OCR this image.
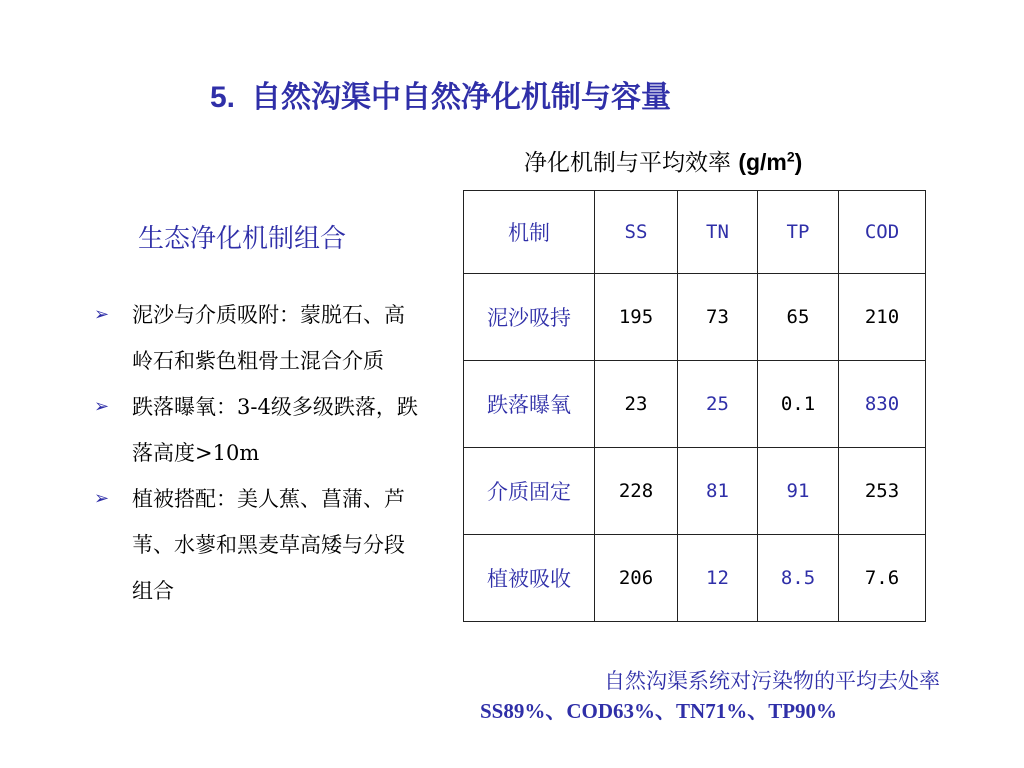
5. 自然沟渠中自然净化机制与容量
净化机制与平均效率 $(g/m^2)$
生态净化机制组合
➢ 泥沙与介质吸附：蒙脱石、高岭石和紫色粗骨土混合介质
➢ 跌落曝氧：3-4级多级跌落，跌落高度>10m
➢ 植被搭配：美人蕉、菖蒲、芦苇、水蓼和黑麦草高矮与分段组合
机制	SS	TN	TP	COD
泥沙吸持	195	73	65	210
跌落曝氧	23	25	0.1	830
介质固定	228	81	91	253
植被吸收	206	12	8.5	7.6
自然沟渠系统对污染物的平均去处率
SS89%、COD63%、TN71%、TP90%
